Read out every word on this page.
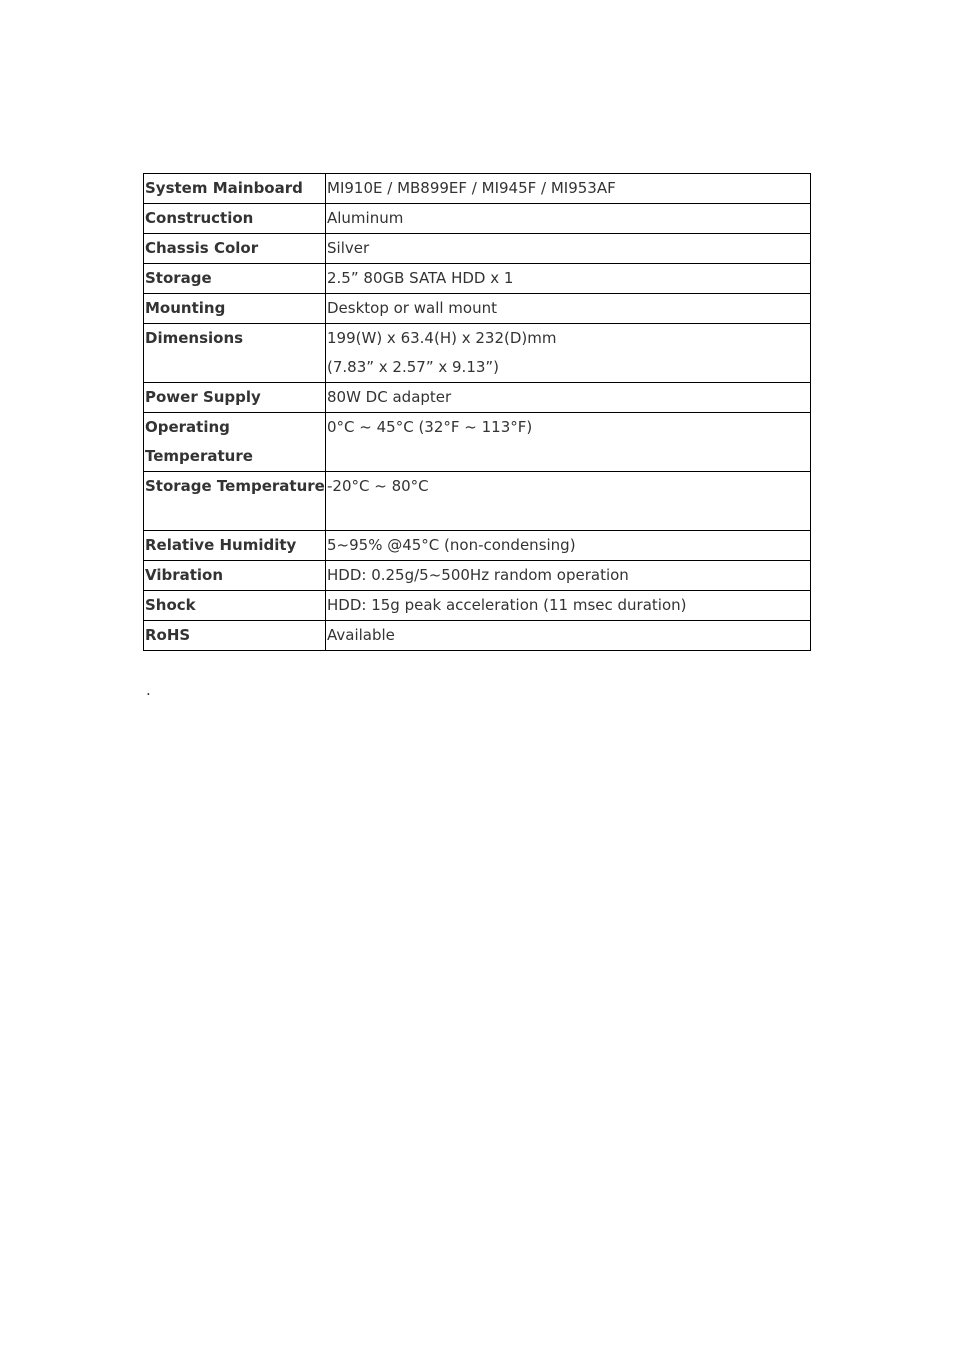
System Mainboard	MI910E / MB899EF / MI945F / MI953AF

Construction	Aluminum

Chassis Color	Silver

Storage	2.5” 80GB SATA HDD x 1

Mounting	Desktop or wall mount

Dimensions	199(W) x 63.4(H) x 232(D)mm
(7.83” x 2.57” x 9.13”)

Power Supply	80W DC adapter

Operating Temperature	0°C ~ 45°C (32°F ~ 113°F)

Storage Temperature	-20°C ~ 80°C

Relative Humidity	5~95% @45°C (non-condensing)

Vibration	HDD: 0.25g/5~500Hz random operation

Shock	HDD: 15g peak acceleration (11 msec duration)

RoHS	Available
.
